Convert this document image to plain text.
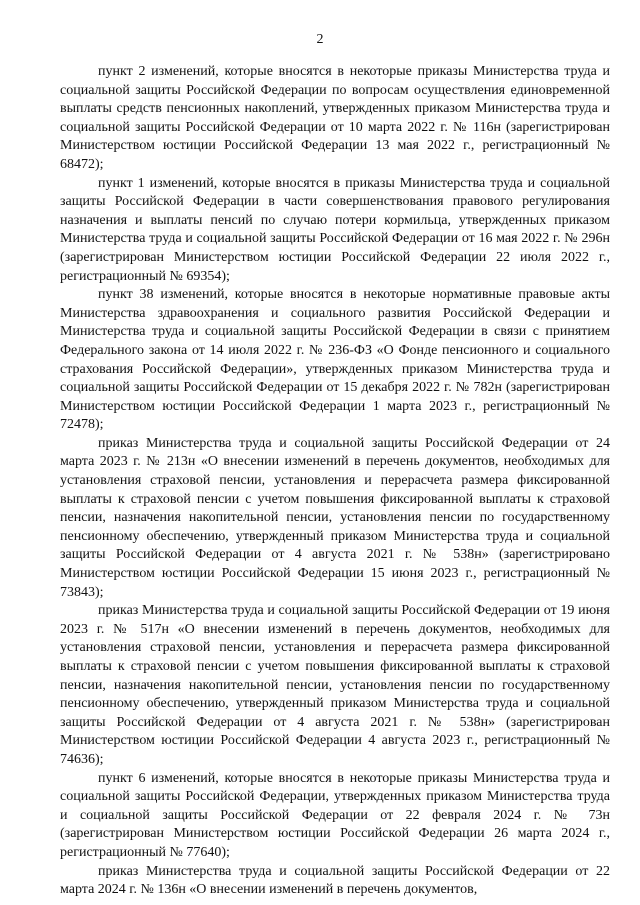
2

пункт 2 изменений, которые вносятся в некоторые приказы Министерства труда и социальной защиты Российской Федерации по вопросам осуществления единовременной выплаты средств пенсионных накоплений, утвержденных приказом Министерства труда и социальной защиты Российской Федерации от 10 марта 2022 г. № 116н (зарегистрирован Министерством юстиции Российской Федерации 13 мая 2022 г., регистрационный № 68472);

пункт 1 изменений, которые вносятся в приказы Министерства труда и социальной защиты Российской Федерации в части совершенствования правового регулирования назначения и выплаты пенсий по случаю потери кормильца, утвержденных приказом Министерства труда и социальной защиты Российской Федерации от 16 мая 2022 г. № 296н (зарегистрирован Министерством юстиции Российской Федерации 22 июля 2022 г., регистрационный № 69354);

пункт 38 изменений, которые вносятся в некоторые нормативные правовые акты Министерства здравоохранения и социального развития Российской Федерации и Министерства труда и социальной защиты Российской Федерации в связи с принятием Федерального закона от 14 июля 2022 г. № 236-ФЗ «О Фонде пенсионного и социального страхования Российской Федерации», утвержденных приказом Министерства труда и социальной защиты Российской Федерации от 15 декабря 2022 г. № 782н (зарегистрирован Министерством юстиции Российской Федерации 1 марта 2023 г., регистрационный № 72478);

приказ Министерства труда и социальной защиты Российской Федерации от 24 марта 2023 г. № 213н «О внесении изменений в перечень документов, необходимых для установления страховой пенсии, установления и перерасчета размера фиксированной выплаты к страховой пенсии с учетом повышения фиксированной выплаты к страховой пенсии, назначения накопительной пенсии, установления пенсии по государственному пенсионному обеспечению, утвержденный приказом Министерства труда и социальной защиты Российской Федерации от 4 августа 2021 г. № 538н» (зарегистрировано Министерством юстиции Российской Федерации 15 июня 2023 г., регистрационный № 73843);

приказ Министерства труда и социальной защиты Российской Федерации от 19 июня 2023 г. № 517н «О внесении изменений в перечень документов, необходимых для установления страховой пенсии, установления и перерасчета размера фиксированной выплаты к страховой пенсии с учетом повышения фиксированной выплаты к страховой пенсии, назначения накопительной пенсии, установления пенсии по государственному пенсионному обеспечению, утвержденный приказом Министерства труда и социальной защиты Российской Федерации от 4 августа 2021 г. № 538н» (зарегистрирован Министерством юстиции Российской Федерации 4 августа 2023 г., регистрационный № 74636);

пункт 6 изменений, которые вносятся в некоторые приказы Министерства труда и социальной защиты Российской Федерации, утвержденных приказом Министерства труда и социальной защиты Российской Федерации от 22 февраля 2024 г. № 73н (зарегистрирован Министерством юстиции Российской Федерации 26 марта 2024 г., регистрационный № 77640);

приказ Министерства труда и социальной защиты Российской Федерации от 22 марта 2024 г. № 136н «О внесении изменений в перечень документов,
